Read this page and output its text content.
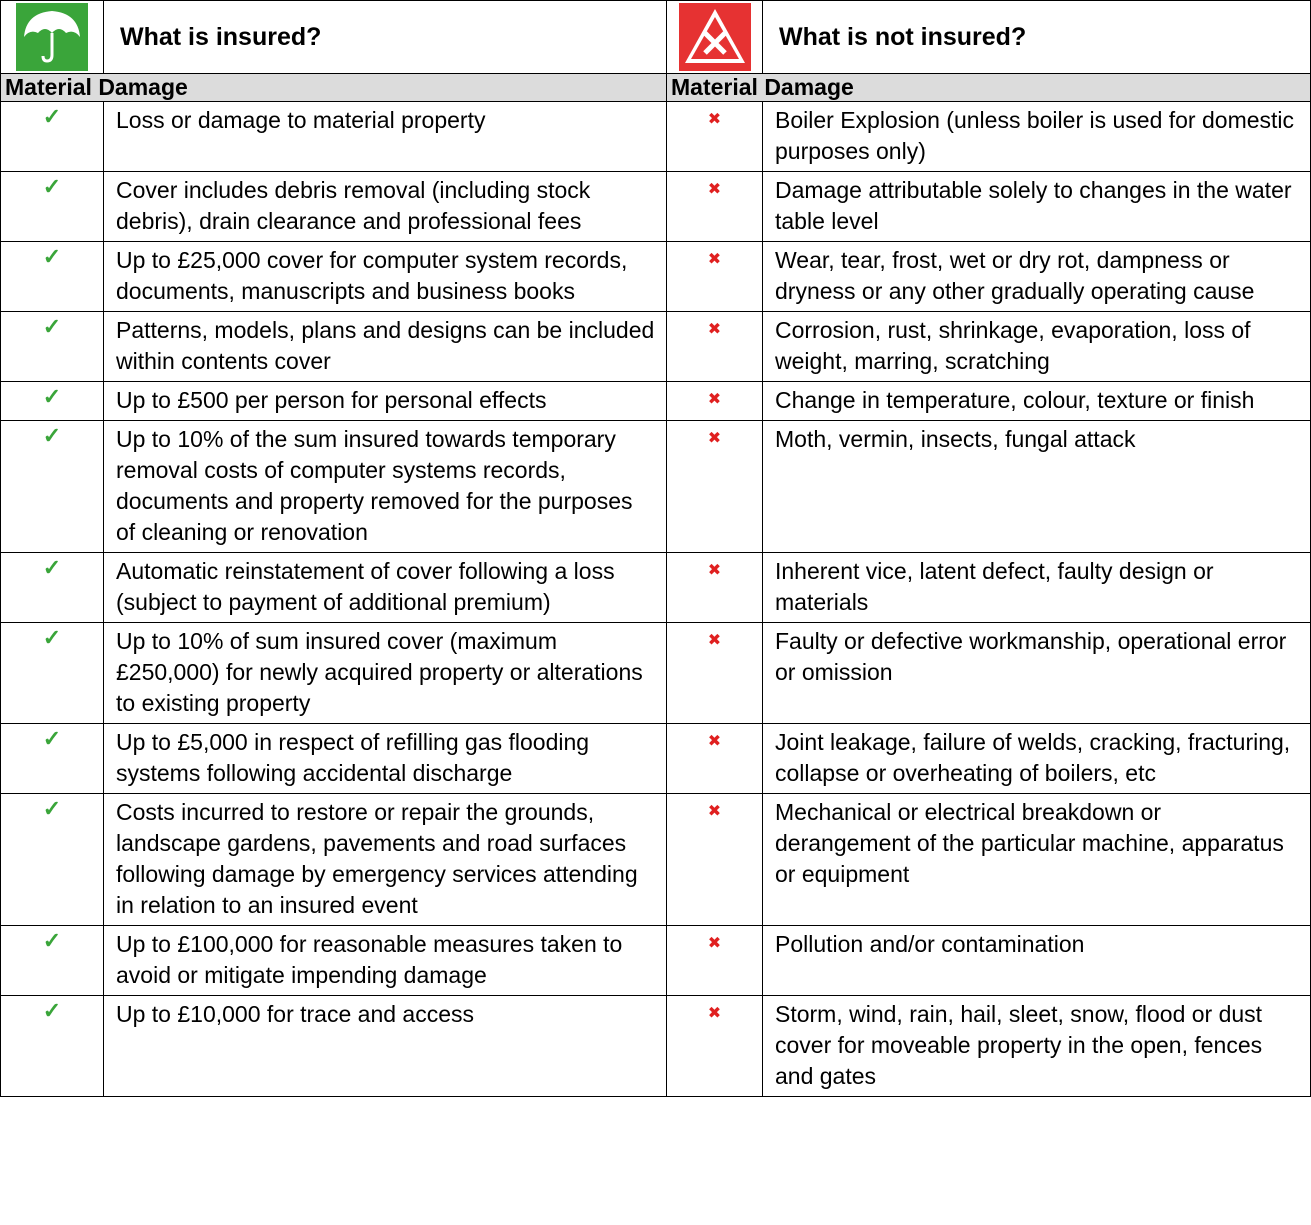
	What is insured?		What is not insured?
Material Damage		Material Damage	
✓	Loss or damage to material property	✖	Boiler Explosion (unless boiler is used for domestic purposes only)
✓	Cover includes debris removal (including stock debris), drain clearance and professional fees	✖	Damage attributable solely to changes in the water table level
✓	Up to £25,000 cover for computer system records, documents, manuscripts and business books	✖	Wear, tear, frost, wet or dry rot, dampness or dryness or any other gradually operating cause
✓	Patterns, models, plans and designs can be included within contents cover	✖	Corrosion, rust, shrinkage, evaporation, loss of weight, marring, scratching
✓	Up to £500 per person for personal effects	✖	Change in temperature, colour, texture or finish
✓	Up to 10% of the sum insured towards temporary removal costs of computer systems records, documents and property removed for the purposes of cleaning or renovation	✖	Moth, vermin, insects, fungal attack
✓	Automatic reinstatement of cover following a loss (subject to payment of additional premium)	✖	Inherent vice, latent defect, faulty design or materials
✓	Up to 10% of sum insured cover (maximum £250,000) for newly acquired property or alterations to existing property	✖	Faulty or defective workmanship, operational error or omission
✓	Up to £5,000 in respect of refilling gas flooding systems following accidental discharge	✖	Joint leakage, failure of welds, cracking, fracturing, collapse or overheating of boilers, etc
✓	Costs incurred to restore or repair the grounds, landscape gardens, pavements and road surfaces following damage by emergency services attending in relation to an insured event	✖	Mechanical or electrical breakdown or derangement of the particular machine, apparatus or equipment
✓	Up to £100,000 for reasonable measures taken to avoid or mitigate impending damage	✖	Pollution and/or contamination
✓	Up to £10,000 for trace and access	✖	Storm, wind, rain, hail, sleet, snow, flood or dust cover for moveable property in the open, fences and gates
